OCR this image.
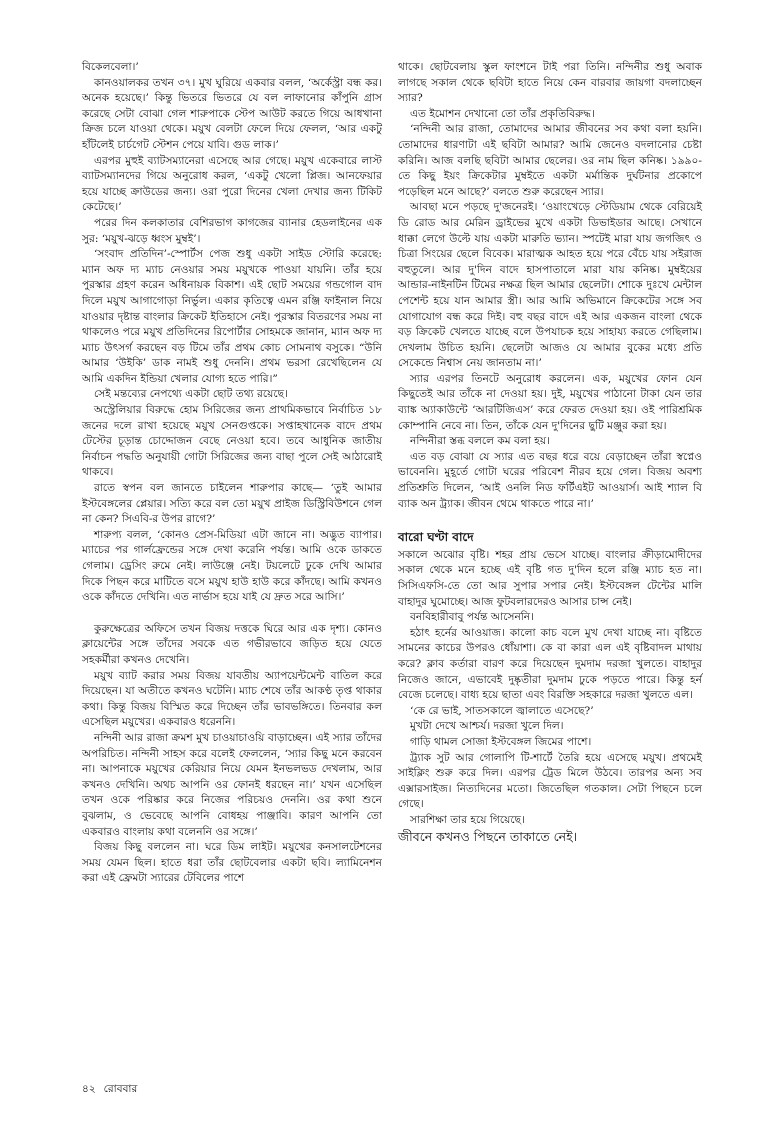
বিকেলবেলা।’

কানওয়ালকর তখন ৩৭। মুখ ঘুরিয়ে একবার বলল, ‘অর্কেস্ট্রা বন্ধ কর। অনেক হয়েছে।’ কিন্তু ভিতরে ভিতরে যে বল লাফানোর কাঁপুনি গ্রাস করেছে সেটা বোঝা গেল শারুপাকে স্টেপ আউট করতে গিয়ে আধখানা ক্রিজ চলে যাওয়া থেকে। ময়ুখ বেলটা ফেলে দিয়ে ফেলল, ‘আর একটু হাঁটলেই চার্চগেট স্টেশন পেয়ে যাবি। গুড লাক।’

এরপর মুহুই ব্যাটসম্যানেরা এসেছে আর গেছে। ময়ুখ একেবারে লাস্ট ব্যাটসম্যানদের গিয়ে অনুরোধ করল, ‘একটু খেলো প্লিজ। আনফেয়ার হয়ে যাচ্ছে ক্রাউডের জন্য। ওরা পুরো দিনের খেলা দেখার জন্য টিকিট কেটেছে।’

পরের দিন কলকাতার বেশিরভাগ কাগজের ব্যানার হেডলাইনের এক সুর: ‘ময়ুখ-ঝড়ে ধ্বংস মুম্বই’।

‘সংবাদ প্রতিদিন’-স্পোর্টস পেজ শুধু একটা সাইড স্টোরি করেছে: ম্যান অফ দ্য ম্যাচ নেওয়ার সময় ময়ুখকে পাওয়া যায়নি। তাঁর হয়ে পুরস্কার গ্রহণ করেন অধিনায়ক বিকাশ। এই ছোট সময়ের গন্ডগোল বাদ দিলে ময়ুখ আগাগোড়া নির্ভুল। একার কৃতিত্বে এমন রঞ্জি ফাইনাল নিয়ে যাওয়ার দৃষ্টান্ত বাংলার ক্রিকেট ইতিহাসে নেই। পুরস্কার বিতরণের সময় না থাকলেও পরে ময়ুখ প্রতিদিনের রিপোর্টার সোহমকে জানান, ম্যান অফ দ্য ম্যাচ উৎসর্গ করছেন বড় টিমে তাঁর প্রথম কোচ সোমনাথ বসুকে। “উনি আমার ‘উইকি’ ডাক নামই শুধু দেননি। প্রথম ভরসা রেখেছিলেন যে আমি একদিন ইন্ডিয়া খেলার যোগ্য হতে পারি।”

সেই মন্তব্যের নেপথ্যে একটা ছোট তথ্য রয়েছে।

অস্ট্রেলিয়ার বিরুদ্ধে হোম সিরিজের জন্য প্রাথমিকভাবে নির্বাচিত ১৮ জনের দলে রাখা হয়েছে ময়ুখ সেনগুপ্তকে। সপ্তাহখানেক বাদে প্রথম টেস্টের চূড়ান্ত চোদ্দোজন বেছে নেওয়া হবে। তবে আধুনিক জাতীয় নির্বাচন পদ্ধতি অনুযায়ী গোটা সিরিজের জন্য বাছা পুলে সেই আঠারোই থাকবে।

রাতে স্বপন বল জানতে চাইলেন শারুপার কাছে— ‘তুই আমার ইস্টবেঙ্গলের প্লেয়ার। সত্যি করে বল তো ময়ুখ প্রাইজ ডিস্ট্রিবিউশনে গেল না কেন? সিএবি-র উপর রাগে?’

শারুপ্য বলল, ‘কোনও প্রেস-মিডিয়া এটা জানে না। অদ্ভুত ব্যাপার। ম্যাচের পর গার্লফ্রেন্ডের সঙ্গে দেখা করেনি পর্যন্ত। আমি ওকে ডাকতে গেলাম। ড্রেসিং রুমে নেই। লাউঞ্জে নেই। টয়লেটে ঢুকে দেখি আমার দিকে পিছন করে মাটিতে বসে ময়ুখ হাউ হাউ করে কাঁদছে। আমি কখনও ওকে কাঁদতে দেখিনি। এত নার্ভাস হয়ে যাই যে দ্রুত সরে আসি।’

কুরুক্ষেত্রের অফিসে তখন বিজয় দত্তকে ঘিরে আর এক দৃশ্য। কোনও ক্লায়েন্টের সঙ্গে তাঁদের সবকে এত গভীরভাবে জড়িত হয়ে যেতে সহকর্মীরা কখনও দেখেনি।

ময়ুখ ব্যাট করার সময় বিজয় যাবতীয় অ্যাপয়েন্টমেন্ট বাতিল করে দিয়েছেন। যা অতীতে কখনও ঘটেনি। ম্যাচ শেষে তাঁর আকণ্ঠ তৃপ্ত থাকার কথা। কিন্তু বিজয় বিস্মিত করে দিচ্ছেন তাঁর ভাবভঙ্গিতে। তিনবার কল এসেছিল ময়ুখের। একবারও ধরেননি।

নন্দিনী আর রাজা ক্রমশ মুখ চাওয়াচাওয়ি বাড়াচ্ছেন। এই স্যার তাঁদের অপরিচিত। নন্দিনী সাহস করে বলেই ফেললেন, ‘স্যার কিছু মনে করবেন না। আপনাকে ময়ুখের কেরিয়ার নিয়ে যেমন ইনভলভড দেখলাম, আর কখনও দেখিনি। অথচ আপনি ওর ফোনই ধরছেন না।’ যখন এসেছিল তখন ওকে পরিষ্কার করে নিজের পরিচয়ও দেননি। ওর কথা শুনে বুঝলাম, ও ভেবেছে আপনি বোধহয় পাঞ্জাবি। কারণ আপনি তো একবারও বাংলায় কথা বলেননি ওর সঙ্গে।’

বিজয় কিছু বললেন না। ঘরে ডিম লাইট। ময়ুখের কনসালটেশনের সময় যেমন ছিল। হাতে ধরা তাঁর ছোটবেলার একটা ছবি। ল্যামিনেশন করা এই ফ্রেমটা স্যারের টেবিলের পাশে

থাকে। ছোটবেলায় স্কুল ফাংশনে টাই পরা তিনি। নন্দিনীর শুধু অবাক লাগছে সকাল থেকে ছবিটা হাতে নিয়ে কেন বারবার জায়গা বদলাচ্ছেন স্যার?

এত ইমোশন দেখানো তো তাঁর প্রকৃতিবিরুদ্ধ।

‘নন্দিনী আর রাজা, তোমাদের আমার জীবনের সব কথা বলা হয়নি। তোমাদের ধারণাটা এই ছবিটা আমার? আমি জেনেও বদলানোর চেষ্টা করিনি। আজ বলছি ছবিটা আমার ছেলের। ওর নাম ছিল কনিষ্ক। ১৯৯০-তে কিছু ইয়ং ক্রিকেটার মুম্বইতে একটা মর্মান্তিক দুর্ঘটনার প্রকোপে পড়েছিল মনে আছে?’ বলতে শুরু করেছেন স্যার।

আবছা মনে পড়ছে দু'জনেরই। ‘ওয়াংখেড়ে স্টেডিয়াম থেকে বেরিয়েই ডি রোড আর মেরিন ড্রাইভের মুখে একটা ডিভাইডার আছে। সেখানে ধাক্কা লেগে উল্টে যায় একটা মারুতি ভ্যান। স্পটেই মারা যায় জগজিৎ ও চিত্রা সিংয়ের ছেলে বিবেক। মারাত্মক আহত হয়ে পরে বেঁচে যায় সইরাজ বহুতুলে। আর দু'দিন বাদে হাসপাতালে মারা যায় কনিষ্ক। মুম্বইয়ের আন্ডার-নাইনটিন টিমের নক্ষত্র ছিল আমার ছেলেটা। শোকে দুঃখে মেন্টাল পেশেন্ট হয়ে যান আমার স্ত্রী। আর আমি অভিমানে ক্রিকেটের সঙ্গে সব যোগাযোগ বন্ধ করে দিই। বহু বছর বাদে এই আর একজন বাংলা থেকে বড় ক্রিকেট খেলতে যাচ্ছে বলে উপযাচক হয়ে সাহায্য করতে গেছিলাম। দেখলাম উচিত হয়নি। ছেলেটা আজও যে আমার বুকের মধ্যে প্রতি সেকেন্ডে নিশ্বাস নেয় জানতাম না।’

স্যার এরপর তিনটে অনুরোধ করলেন। এক, ময়ুখের ফোন যেন কিছুতেই আর তাঁকে না দেওয়া হয়। দুই, ময়ুখের পাঠানো টাকা যেন তার ব্যাঙ্ক অ্যাকাউন্টে ‘আরটিজিএস’ করে ফেরত দেওয়া হয়। ওই পারিশ্রমিক কোম্পানি নেবে না। তিন, তাঁকে যেন দু'দিনের ছুটি মঞ্জুর করা হয়।

নন্দিনীরা স্তব্ধ বললে কম বলা হয়।

এত বড় বোঝা যে স্যার এত বছর ধরে বয়ে বেড়াচ্ছেন তাঁরা স্বপ্নেও ভাবেননি। মুহূর্তে গোটা ঘরের পরিবেশ নীরব হয়ে গেল। বিজয় অবশ্য প্রতিশ্রুতি দিলেন, ‘আই ওনলি নিড ফর্টিএইট আওয়ার্স। আই শ্যাল বি ব্যাক অন ট্র্যাক। জীবন থেমে থাকতে পারে না।’

বারো ঘণ্টা বাদে

সকালে অঝোর বৃষ্টি। শহর প্রায় ভেসে যাচ্ছে। বাংলার ক্রীড়ামোদীদের সকাল থেকে মনে হচ্ছে এই বৃষ্টি গত দু'দিন হলে রঞ্জি ম্যাচ হত না। সিসিএফসি-তে তো আর সুপার সপার নেই। ইস্টবেঙ্গল টেন্টের মালি বাহাদুর ঘুমোচ্ছে। আজ ফুটবলারদেরও আসার চান্স নেই।

বনবিহারীবাবু পর্যন্ত আসেননি।

হঠাৎ হর্নের আওয়াজ। কালো কাচ বলে মুখ দেখা যাচ্ছে না। বৃষ্টিতে সামনের কাচের উপরও ধোঁয়াশা। কে বা কারা এল এই বৃষ্টিবাদল মাথায় করে? ক্লাব কর্তারা বারণ করে দিয়েছেন দুমদাম দরজা খুলতে। বাহাদুর নিজেও জানে, এভাবেই দুষ্কৃতীরা দুমদাম ঢুকে পড়তে পারে। কিন্তু হর্ন বেজে চলেছে। বাধ্য হয়ে ছাতা এবং বিরক্তি সহকারে দরজা খুলতে এল।

‘কে রে ভাই, সাতসকালে জ্বালাতে এসেছে?’

মুখটা দেখে আশ্চর্য। দরজা খুলে দিল।

গাড়ি থামল সোজা ইস্টবেঙ্গল জিমের পাশে।

ট্র্যাক সুট আর গোলাপি টি-শার্টে তৈরি হয়ে এসেছে ময়ুখ। প্রথমেই সাইক্লিং শুরু করে দিল। এরপর ট্রেড মিলে উঠবে। তারপর অন্য সব এক্সারসাইজ। নিত্যদিনের মতো। জিতেছিল গতকাল। সেটা পিছনে চলে গেছে।

সারশিক্ষা তার হয়ে গিয়েছে।

জীবনে কখনও পিছনে তাকাতে নেই।

৪২ রোববার
